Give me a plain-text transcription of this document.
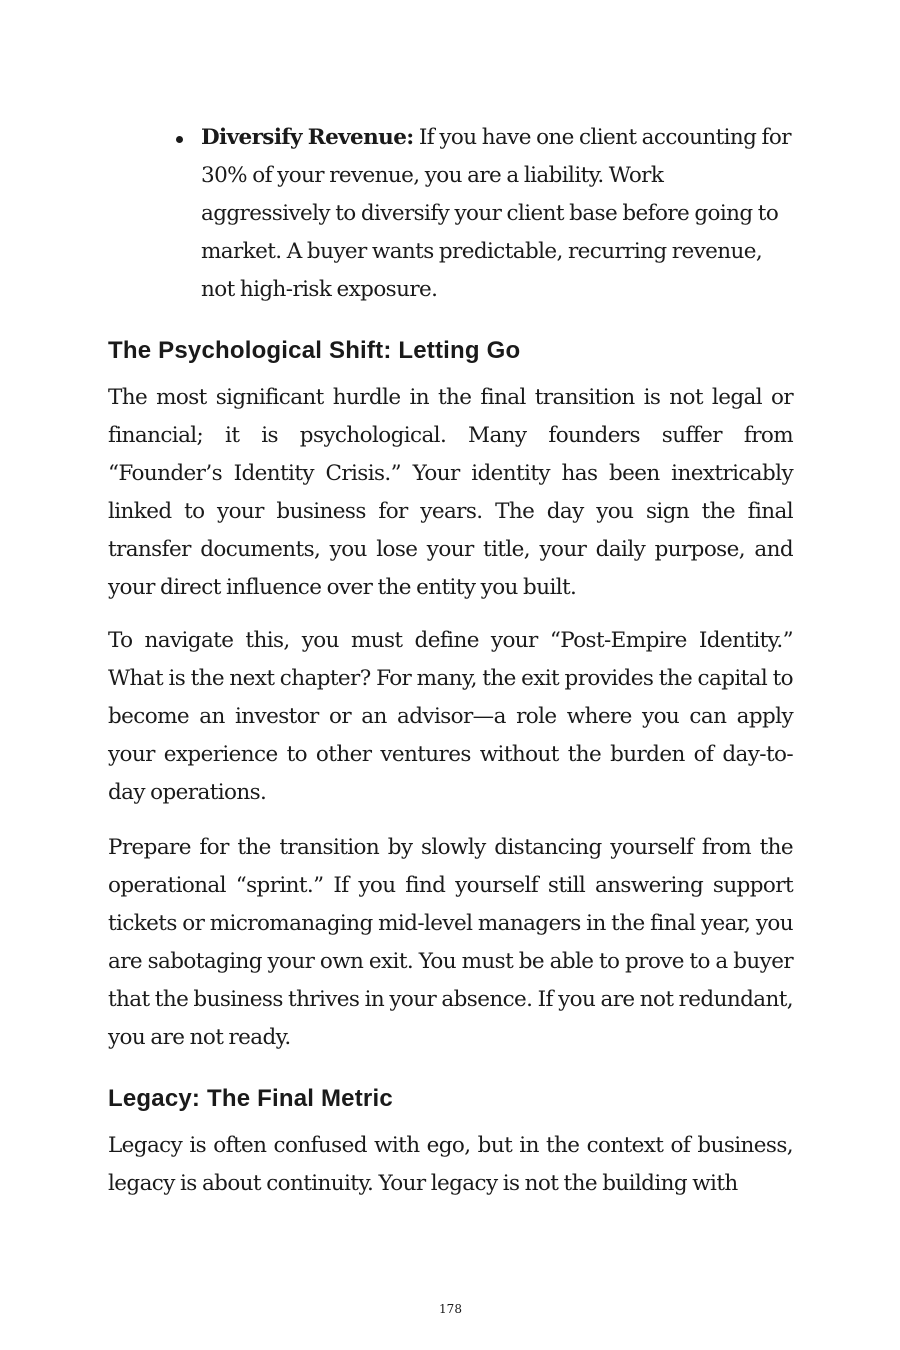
Diversify Revenue: If you have one client accounting for 30% of your revenue, you are a liability. Work aggressively to diversify your client base before going to market. A buyer wants predictable, recurring revenue, not high-risk exposure.
The Psychological Shift: Letting Go

The most significant hurdle in the final transition is not legal or financial; it is psychological. Many founders suffer from “Founder’s Identity Crisis.” Your identity has been inextricably linked to your business for years. The day you sign the final transfer documents, you lose your title, your daily purpose, and your direct influence over the entity you built.

To navigate this, you must define your “Post-Empire Identity.” What is the next chapter? For many, the exit provides the capital to become an investor or an advisor—a role where you can apply your experience to other ventures without the burden of day-to-day operations.

Prepare for the transition by slowly distancing yourself from the operational “sprint.” If you find yourself still answering support tickets or micromanaging mid-level managers in the final year, you are sabotaging your own exit. You must be able to prove to a buyer that the business thrives in your absence. If you are not redundant, you are not ready.

Legacy: The Final Metric

Legacy is often confused with ego, but in the context of business, legacy is about continuity. Your legacy is not the building with

178
